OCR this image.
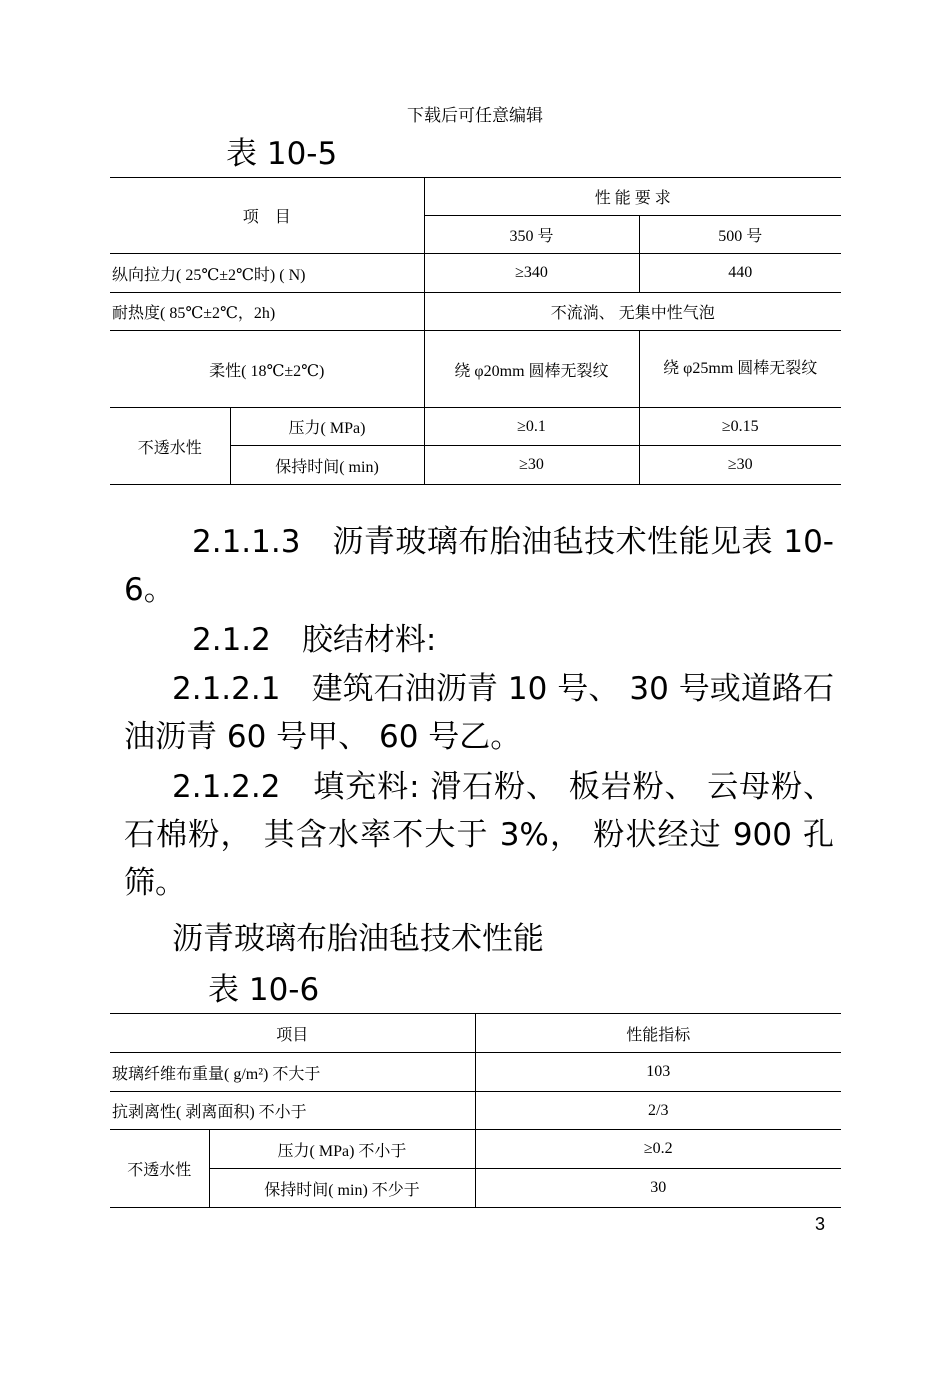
下载后可任意编辑
表 10-5
项　目		性 能 要 求	
		350 号	500 号
纵向拉力( 25℃±2℃时) ( N)		≥340	440
耐热度( 85℃±2℃，2h)		不流淌、 无集中性气泡	
柔性( 18℃±2℃)		绕 φ20mm 圆棒无裂纹	绕 φ25mm 圆棒无裂纹
不透水性	压力( MPa)	≥0.1	≥0.15
	保持时间( min)	≥30	≥30

2.1.1.3　沥青玻璃布胎油毡技术性能见表 10-6。

2.1.2　胶结材料:

2.1.2.1　建筑石油沥青 10 号、 30 号或道路石油沥青 60 号甲、 60 号乙。

2.1.2.2　填充料: 滑石粉、 板岩粉、 云母粉、 石棉粉， 其含水率不大于 3%， 粉状经过 900 孔筛。

沥青玻璃布胎油毡技术性能
表 10-6
项目		性能指标
玻璃纤维布重量( g/m²) 不大于		103
抗剥离性( 剥离面积) 不小于		2/3
不透水性	压力( MPa) 不小于	≥0.2
	保持时间( min) 不少于	30
3
